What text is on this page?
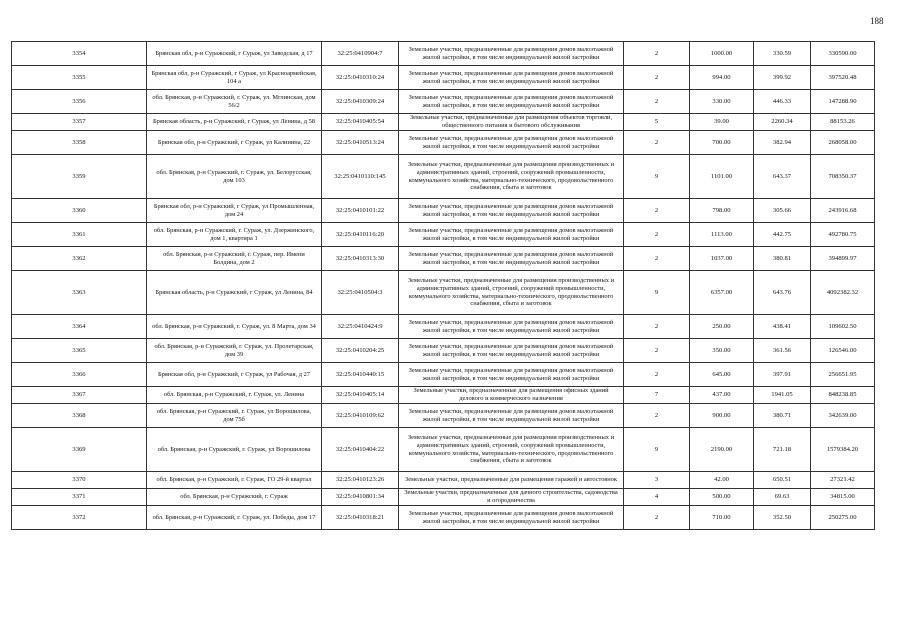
188
3354	Брянская обл, р-н Суражский, г Сураж, ул Заводская, д 17	32:25:0410904:7	Земельные участки, предназначенные для размещения домов малоэтажной жилой застройки, в том числе индивидуальной жилой застройки	2	1000.00	330.59	330590.00
3355	Брянская обл, р-н Суражский, г Сураж, ул Красноармейская, 104 а	32:25:0410310:24	Земельные участки, предназначенные для размещения домов малоэтажной жилой застройки, в том числе индивидуальной жилой застройки	2	994.00	399.92	397520.48
3356	обл. Брянская, р-н Суражский, г. Сураж, ул. Мглинская, дом 56/2	32:25:0410309:24	Земельные участки, предназначенные для размещения домов малоэтажной жилой застройки, в том числе индивидуальной жилой застройки	2	330.00	446.33	147288.90
3357	Брянская область, р-н Суражский, г Сураж, ул Ленина, д 58	32:25:0410405:54	Земельные участки, предназначенные для размещения объектов торговли, общественного питания и бытового обслуживания	5	39.00	2260.34	88153.26
3358	Брянская обл, р-н Суражский, г Сураж, ул Калинина, 22	32:25:0410513:24	Земельные участки, предназначенные для размещения домов малоэтажной жилой застройки, в том числе индивидуальной жилой застройки	2	700.00	382.94	268058.00
3359	обл. Брянская, р-н Суражский, г. Сураж, ул. Белорусская, дом 103	32:25:0410110:145	Земельные участки, предназначенные для размещения производственных и административных зданий, строений, сооружений промышленности, коммунального хозяйства, материально-технического, продовольственного снабжения, сбыта и заготовок	9	1101.00	643.37	708350.37
3360	Брянская обл, р-н Суражский, г Сураж, ул Промышленная, дом 24	32:25:0410101:22	Земельные участки, предназначенные для размещения домов малоэтажной жилой застройки, в том числе индивидуальной жилой застройки	2	798.00	305.66	243916.68
3361	обл. Брянская, р-н Суражский, г. Сураж, ул. Дзержинского, дом 1, квартира 1	32:25:0410116:20	Земельные участки, предназначенные для размещения домов малоэтажной жилой застройки, в том числе индивидуальной жилой застройки	2	1113.00	442.75	492780.75
3362	обл. Брянская, р-н Суражский, г. Сураж, пер. Имени Болдина, дом 2	32:25:0410313:30	Земельные участки, предназначенные для размещения домов малоэтажной жилой застройки, в том числе индивидуальной жилой застройки	2	1037.00	380.81	394899.97
3363	Брянская область, р-н Суражский, г Сураж, ул Ленина, 84	32:25:0410504:3	Земельные участки, предназначенные для размещения производственных и административных зданий, строений, сооружений промышленности, коммунального хозяйства, материально-технического, продовольственного снабжения, сбыта и заготовок	9	6357.00	643.76	4092382.32
3364	обл. Брянская, р-н Суражский, г. Сураж, ул. 8 Марта, дом 34	32:25:0410424:9	Земельные участки, предназначенные для размещения домов малоэтажной жилой застройки, в том числе индивидуальной жилой застройки	2	250.00	438.41	109602.50
3365	обл. Брянская, р-н Суражский, г. Сураж, ул. Пролетарская, дом 39	32:25:0410204:25	Земельные участки, предназначенные для размещения домов малоэтажной жилой застройки, в том числе индивидуальной жилой застройки	2	350.00	361.56	126546.00
3366	Брянская обл, р-н Суражский, г Сураж, ул Рабочая, д 27	32:25:0410440:15	Земельные участки, предназначенные для размещения домов малоэтажной жилой застройки, в том числе индивидуальной жилой застройки	2	645.00	397.91	256651.95
3367	обл. Брянская, р-н Суражский, г. Сураж, ул. Ленина	32:25:0410405:14	Земельные участки, предназначенные для размещения офисных зданий делового и коммерческого назначения	7	437.00	1941.05	848238.85
3368	обл. Брянская, р-н Суражский, г. Сураж, ул Ворошилова, дом 75б	32:25:0410109:62	Земельные участки, предназначенные для размещения домов малоэтажной жилой застройки, в том числе индивидуальной жилой застройки	2	900.00	380.71	342639.00
3369	обл. Брянская, р-н Суражский, г. Сураж, ул Ворошилова	32:25:0410404:22	Земельные участки, предназначенные для размещения производственных и административных зданий, строений, сооружений промышленности, коммунального хозяйства, материально-технического, продовольственного снабжения, сбыта и заготовок	9	2190.00	721.18	1579384.20
3370	обл. Брянская, р-н Суражский, г. Сураж, ГО 29-й квартал	32:25:0410123:26	Земельные участки, предназначенные для размещения гаражей и автостоянок	3	42.00	650.51	27321.42
3371	обл. Брянская, р-н Суражский, г. Сураж	32:25:0410801:34	Земельные участки, предназначенные для дачного строительства, садоводства и огородничества	4	500.00	69.63	34815.00
3372	обл. Брянская, р-н Суражский, г. Сураж, ул. Победы, дом 17	32:25:0410318:21	Земельные участки, предназначенные для размещения домов малоэтажной жилой застройки, в том числе индивидуальной жилой застройки	2	710.00	352.50	250275.00
